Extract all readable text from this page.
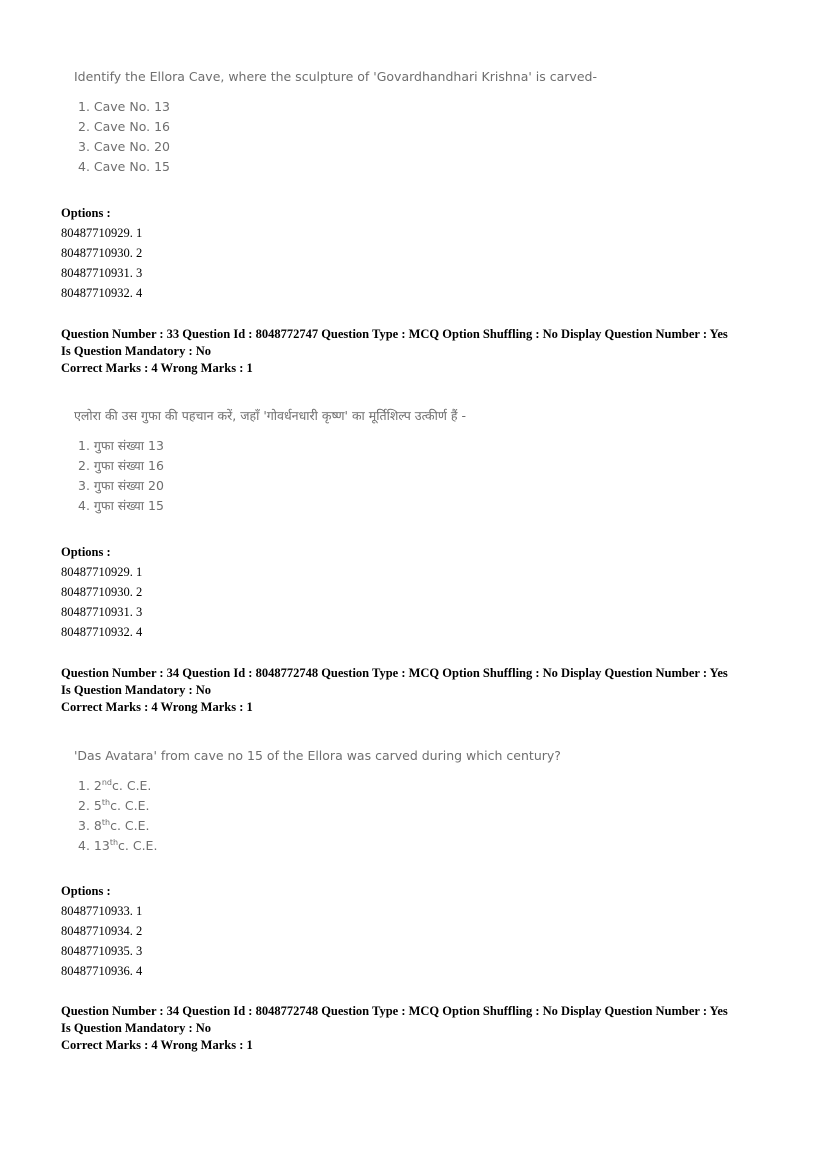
Identify the Ellora Cave, where the sculpture of 'Govardhandhari Krishna' is carved-
1. Cave No. 13
2. Cave No. 16
3. Cave No. 20
4. Cave No. 15
Options :
80487710929. 1
80487710930. 2
80487710931. 3
80487710932. 4
Question Number : 33 Question Id : 8048772747 Question Type : MCQ Option Shuffling : No Display Question Number : Yes
Is Question Mandatory : No
Correct Marks : 4 Wrong Marks : 1
एलोरा की उस गुफा की पहचान करें, जहाँ 'गोवर्धनधारी कृष्ण' का मूर्तिशिल्प उत्कीर्ण हैं -
1. गुफा संख्या 13
2. गुफा संख्या 16
3. गुफा संख्या 20
4. गुफा संख्या 15
Options :
80487710929. 1
80487710930. 2
80487710931. 3
80487710932. 4
Question Number : 34 Question Id : 8048772748 Question Type : MCQ Option Shuffling : No Display Question Number : Yes
Is Question Mandatory : No
Correct Marks : 4 Wrong Marks : 1
'Das Avatara' from cave no 15 of the Ellora was carved during which century?
1. 2ndc. C.E.
2. 5thc. C.E.
3. 8thc. C.E.
4. 13thc. C.E.
Options :
80487710933. 1
80487710934. 2
80487710935. 3
80487710936. 4
Question Number : 34 Question Id : 8048772748 Question Type : MCQ Option Shuffling : No Display Question Number : Yes
Is Question Mandatory : No
Correct Marks : 4 Wrong Marks : 1
